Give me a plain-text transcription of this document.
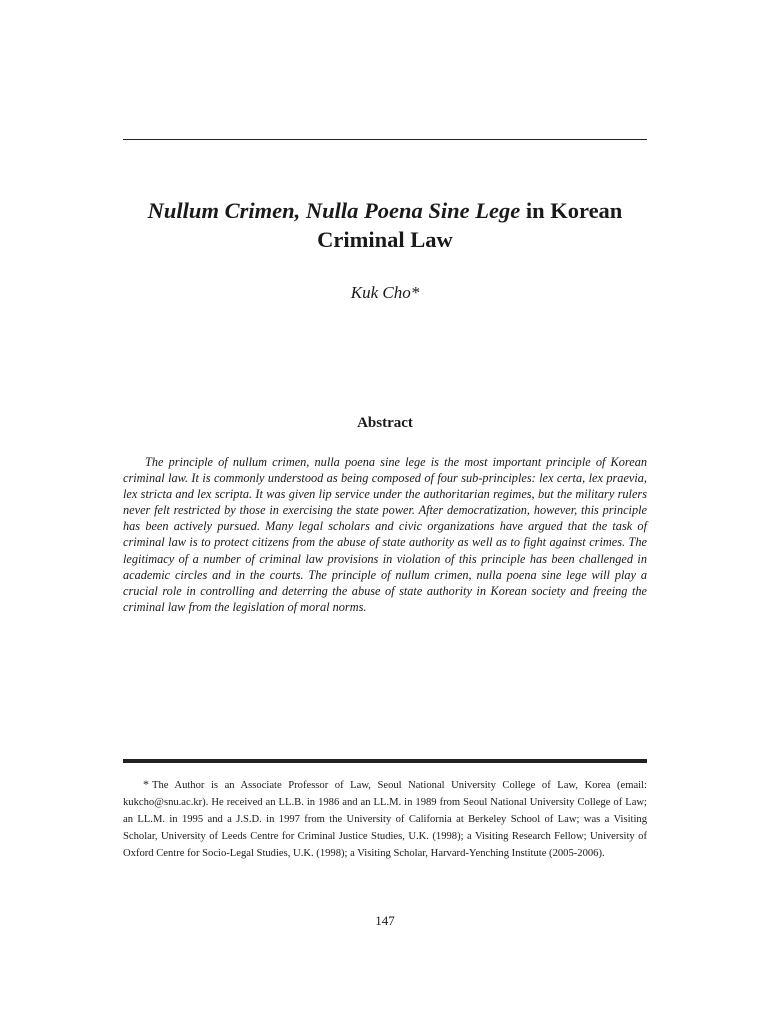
Nullum Crimen, Nulla Poena Sine Lege in Korean
Criminal Law
Kuk Cho*
Abstract

The principle of nullum crimen, nulla poena sine lege is the most important principle of Korean criminal law. It is commonly understood as being composed of four sub-principles: lex certa, lex praevia, lex stricta and lex scripta. It was given lip service under the authoritarian regimes, but the military rulers never felt restricted by those in exercising the state power. After democratization, however, this principle has been actively pursued. Many legal scholars and civic organizations have argued that the task of criminal law is to protect citizens from the abuse of state authority as well as to fight against crimes. The legitimacy of a number of criminal law provisions in violation of this principle has been challenged in academic circles and in the courts. The principle of nullum crimen, nulla poena sine lege will play a crucial role in controlling and deterring the abuse of state authority in Korean society and freeing the criminal law from the legislation of moral norms.

* The Author is an Associate Professor of Law, Seoul National University College of Law, Korea (email: kukcho@snu.ac.kr). He received an LL.B. in 1986 and an LL.M. in 1989 from Seoul National University College of Law; an LL.M. in 1995 and a J.S.D. in 1997 from the University of California at Berkeley School of Law; was a Visiting Scholar, University of Leeds Centre for Criminal Justice Studies, U.K. (1998); a Visiting Research Fellow; University of Oxford Centre for Socio-Legal Studies, U.K. (1998); a Visiting Scholar, Harvard-Yenching Institute (2005-2006).

147
